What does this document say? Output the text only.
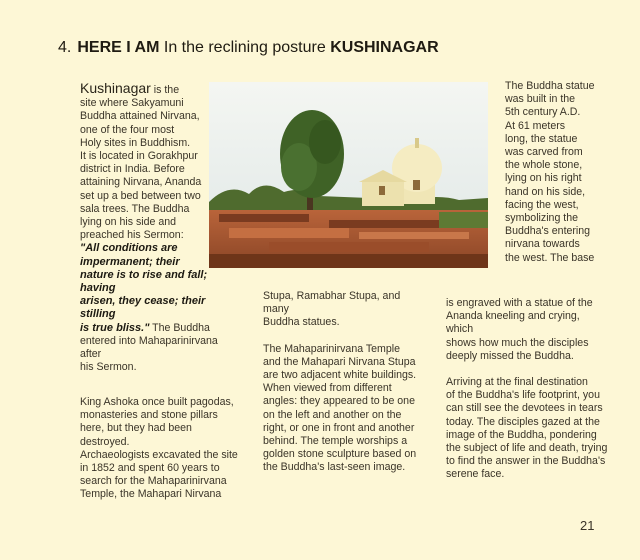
4. HERE I AM In the reclining posture KUSHINAGAR

Kushinagar is the

site where Sakyamuni

Buddha attained Nirvana,

one of the four most

Holy sites in Buddhism.

It is located in Gorakhpur

district in India. Before

attaining Nirvana, Ananda

set up a bed between two

sala trees. The Buddha

lying on his side and

preached his Sermon:

"All conditions are

impermanent; their

nature is to rise and fall; having

arisen, they cease; their stilling

is true bliss." The Buddha

entered into Mahaparinirvana after

his Sermon.

King Ashoka once built pagodas,

monasteries and stone pillars

here, but they had been destroyed.

Archaeologists excavated the site

in 1852 and spent 60 years to

search for the Mahaparinirvana

Temple, the Mahapari Nirvana

Stupa, Ramabhar Stupa, and many

Buddha statues.

The Mahaparinirvana Temple

and the Mahapari Nirvana Stupa

are two adjacent white buildings.

When viewed from different

angles: they appeared to be one

on the left and another on the

right, or one in front and another

behind. The temple worships a

golden stone sculpture based on

the Buddha's last-seen image.

The Buddha statue

was built in the

5th century A.D.

At 61 meters

long, the statue

was carved from

the whole stone,

lying on his right

hand on his side,

facing the west,

symbolizing the

Buddha's entering

nirvana towards

the west. The base

is engraved with a statue of the

Ananda kneeling and crying, which

shows how much the disciples

deeply missed the Buddha.

Arriving at the final destination

of the Buddha's life footprint, you

can still see the devotees in tears

today. The disciples gazed at the

image of the Buddha, pondering

the subject of life and death, trying

to find the answer in the Buddha's

serene face.

21
